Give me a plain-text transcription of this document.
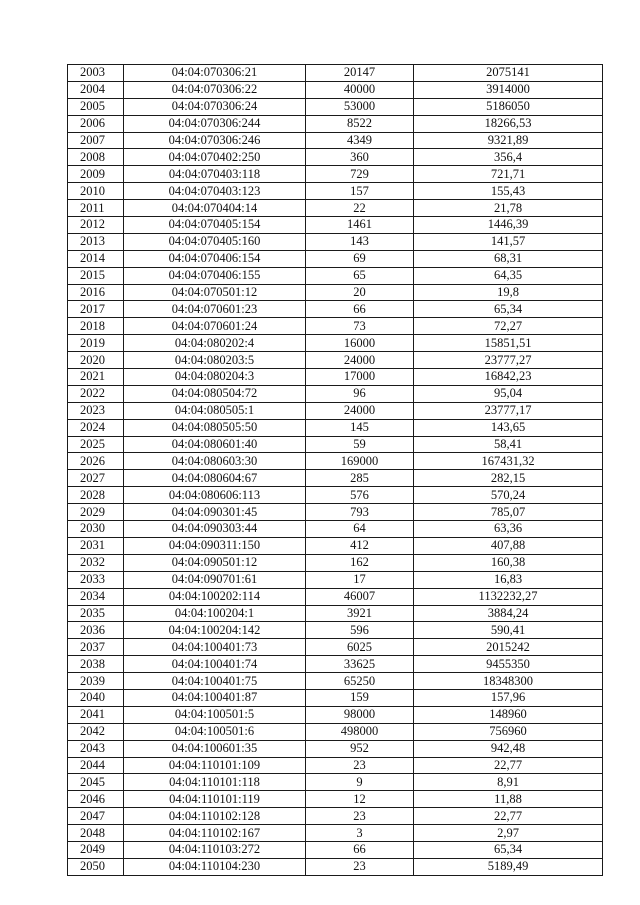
2003	04:04:070306:21	20147	2075141
2004	04:04:070306:22	40000	3914000
2005	04:04:070306:24	53000	5186050
2006	04:04:070306:244	8522	18266,53
2007	04:04:070306:246	4349	9321,89
2008	04:04:070402:250	360	356,4
2009	04:04:070403:118	729	721,71
2010	04:04:070403:123	157	155,43
2011	04:04:070404:14	22	21,78
2012	04:04:070405:154	1461	1446,39
2013	04:04:070405:160	143	141,57
2014	04:04:070406:154	69	68,31
2015	04:04:070406:155	65	64,35
2016	04:04:070501:12	20	19,8
2017	04:04:070601:23	66	65,34
2018	04:04:070601:24	73	72,27
2019	04:04:080202:4	16000	15851,51
2020	04:04:080203:5	24000	23777,27
2021	04:04:080204:3	17000	16842,23
2022	04:04:080504:72	96	95,04
2023	04:04:080505:1	24000	23777,17
2024	04:04:080505:50	145	143,65
2025	04:04:080601:40	59	58,41
2026	04:04:080603:30	169000	167431,32
2027	04:04:080604:67	285	282,15
2028	04:04:080606:113	576	570,24
2029	04:04:090301:45	793	785,07
2030	04:04:090303:44	64	63,36
2031	04:04:090311:150	412	407,88
2032	04:04:090501:12	162	160,38
2033	04:04:090701:61	17	16,83
2034	04:04:100202:114	46007	1132232,27
2035	04:04:100204:1	3921	3884,24
2036	04:04:100204:142	596	590,41
2037	04:04:100401:73	6025	2015242
2038	04:04:100401:74	33625	9455350
2039	04:04:100401:75	65250	18348300
2040	04:04:100401:87	159	157,96
2041	04:04:100501:5	98000	148960
2042	04:04:100501:6	498000	756960
2043	04:04:100601:35	952	942,48
2044	04:04:110101:109	23	22,77
2045	04:04:110101:118	9	8,91
2046	04:04:110101:119	12	11,88
2047	04:04:110102:128	23	22,77
2048	04:04:110102:167	3	2,97
2049	04:04:110103:272	66	65,34
2050	04:04:110104:230	23	5189,49
